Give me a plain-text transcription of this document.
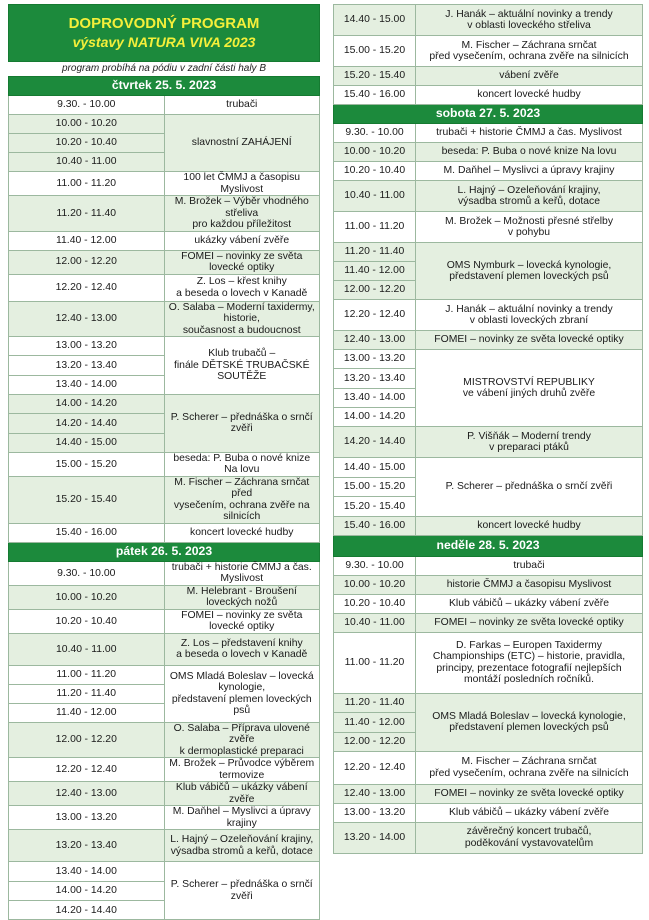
DOPROVODNÝ PROGRAM
výstavy NATURA VIVA 2023
program probíhá na pódiu v zadní části haly B
čtvrtek 25. 5. 2023	
9.30. - 10.00	trubači

10.00 - 10.20	slavnostní ZAHÁJENÍ

10.20 - 10.40	
10.40 - 11.00	
11.00 - 11.20	100 let ČMMJ a časopisu Myslivost

11.20 - 11.40	M. Brožek – Výběr vhodného střeliva
pro každou příležitost

11.40 - 12.00	ukázky vábení zvěře

12.00 - 12.20	FOMEI – novinky ze světa lovecké optiky

12.20 - 12.40	Z. Los – křest knihy
a beseda o lovech v Kanadě

12.40 - 13.00	O. Salaba – Moderní taxidermy, historie,
současnost a budoucnost

13.00 - 13.20	Klub trubačů –
finále DĚTSKÉ TRUBAČSKÉ SOUTĚŽE

13.20 - 13.40	
13.40 - 14.00	
14.00 - 14.20	P. Scherer – přednáška o srnčí zvěři

14.20 - 14.40	
14.40 - 15.00	
15.00 - 15.20	beseda: P. Buba o nové knize Na lovu

15.20 - 15.40	M. Fischer – Záchrana srnčat před
vysečením, ochrana zvěře na silnicích

15.40 - 16.00	koncert lovecké hudby

pátek 26. 5. 2023	
9.30. - 10.00	trubači + historie ČMMJ a čas. Myslivost

10.00 - 10.20	M. Helebrant - Broušení loveckých nožů

10.20 - 10.40	FOMEI – novinky ze světa lovecké optiky

10.40 - 11.00	Z. Los – představení knihy
a beseda o lovech v Kanadě

11.00 - 11.20	OMS Mladá Boleslav – lovecká kynologie,
představení plemen loveckých psů

11.20 - 11.40	
11.40 - 12.00	
12.00 - 12.20	O. Salaba – Příprava ulovené zvěře
k dermoplastické preparaci

12.20 - 12.40	M. Brožek – Průvodce výběrem termovize

12.40 - 13.00	Klub vábičů – ukázky vábení zvěře

13.00 - 13.20	M. Daňhel – Myslivci a úpravy krajiny

13.20 - 13.40	L. Hajný – Ozeleňování krajiny,
výsadba stromů a keřů, dotace

13.40 - 14.00	P. Scherer – přednáška o srnčí zvěři

14.00 - 14.20	
14.20 - 14.40	
14.40 - 15.00	J. Hanák – aktuální novinky a trendy
v oblasti loveckého střeliva

15.00 - 15.20	M. Fischer – Záchrana srnčat
před vysečením, ochrana zvěře na silnicích

15.20 - 15.40	vábení zvěře

15.40 - 16.00	koncert lovecké hudby

sobota 27. 5. 2023	
9.30. - 10.00	trubači + historie ČMMJ a čas. Myslivost

10.00 - 10.20	beseda: P. Buba o nové knize Na lovu

10.20 - 10.40	M. Daňhel – Myslivci a úpravy krajiny

10.40 - 11.00	L. Hajný – Ozeleňování krajiny,
výsadba stromů a keřů, dotace

11.00 - 11.20	M. Brožek – Možnosti přesné střelby
v pohybu

11.20 - 11.40	OMS Nymburk – lovecká kynologie,
představení plemen loveckých psů

11.40 - 12.00	
12.00 - 12.20	
12.20 - 12.40	J. Hanák – aktuální novinky a trendy
v oblasti loveckých zbraní

12.40 - 13.00	FOMEI – novinky ze světa lovecké optiky

13.00 - 13.20	MISTROVSTVÍ REPUBLIKY
ve vábení jiných druhů zvěře

13.20 - 13.40	
13.40 - 14.00	
14.00 - 14.20	
14.20 - 14.40	P. Višňák – Moderní trendy
v preparaci ptáků

14.40 - 15.00	P. Scherer – přednáška o srnčí zvěři

15.00 - 15.20	
15.20 - 15.40	
15.40 - 16.00	koncert lovecké hudby

neděle 28. 5. 2023	
9.30. - 10.00	trubači

10.00 - 10.20	historie ČMMJ a časopisu Myslivost

10.20 - 10.40	Klub vábičů – ukázky vábení zvěře

10.40 - 11.00	FOMEI – novinky ze světa lovecké optiky

11.00 - 11.20	D. Farkas – Europen Taxidermy
Championships (ETC) – historie, pravidla,
principy, prezentace fotografií nejlepších
montáží posledních ročníků.

11.20 - 11.40	OMS Mladá Boleslav – lovecká kynologie,
představení plemen loveckých psů

11.40 - 12.00	
12.00 - 12.20	
12.20 - 12.40	M. Fischer – Záchrana srnčat
před vysečením, ochrana zvěře na silnicích

12.40 - 13.00	FOMEI – novinky ze světa lovecké optiky

13.00 - 13.20	Klub vábičů – ukázky vábení zvěře

13.20 - 14.00	závěrečný koncert trubačů,
poděkování vystavovatelům
